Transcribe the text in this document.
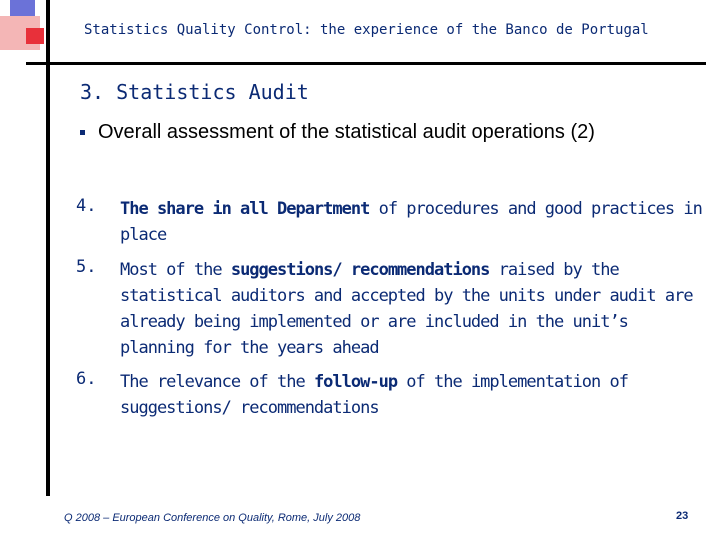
Statistics Quality Control: the experience of the Banco de Portugal
3. Statistics Audit
Overall assessment of the statistical audit operations (2)
4. The share in all Department of procedures and good practices in place
5. Most of the suggestions/ recommendations raised by the statistical auditors and accepted by the units under audit are already being implemented or are included in the unit’s planning for the years ahead
6. The relevance of the follow-up of the implementation of suggestions/ recommendations
Q 2008 – European Conference on Quality, Rome, July 2008	23
